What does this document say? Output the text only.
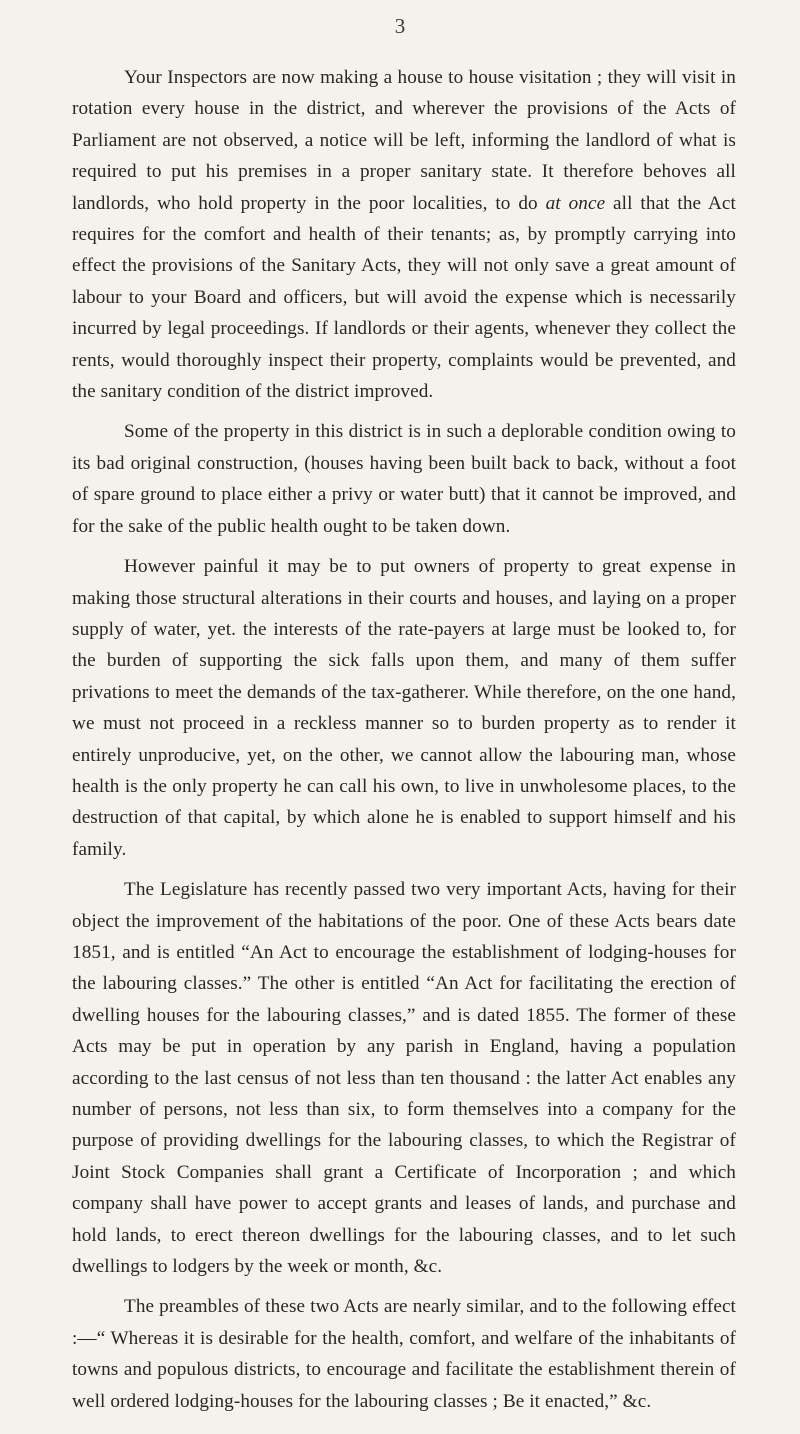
3

Your Inspectors are now making a house to house visitation ; they will visit in rotation every house in the district, and wherever the provisions of the Acts of Parliament are not observed, a notice will be left, informing the landlord of what is required to put his premises in a proper sanitary state. It therefore behoves all landlords, who hold property in the poor localities, to do at once all that the Act requires for the comfort and health of their tenants; as, by promptly carrying into effect the provisions of the Sanitary Acts, they will not only save a great amount of labour to your Board and officers, but will avoid the expense which is necessarily incurred by legal proceedings. If landlords or their agents, whenever they collect the rents, would thoroughly inspect their property, complaints would be prevented, and the sanitary condition of the district improved.

Some of the property in this district is in such a deplorable condition owing to its bad original construction, (houses having been built back to back, without a foot of spare ground to place either a privy or water butt) that it cannot be improved, and for the sake of the public health ought to be taken down.

However painful it may be to put owners of property to great expense in making those structural alterations in their courts and houses, and laying on a proper supply of water, yet. the interests of the rate-payers at large must be looked to, for the burden of supporting the sick falls upon them, and many of them suffer privations to meet the demands of the tax-gatherer. While therefore, on the one hand, we must not proceed in a reckless manner so to burden property as to render it entirely unproducive, yet, on the other, we cannot allow the labouring man, whose health is the only property he can call his own, to live in unwholesome places, to the destruction of that capital, by which alone he is enabled to support himself and his family.

The Legislature has recently passed two very important Acts, having for their object the improvement of the habitations of the poor. One of these Acts bears date 1851, and is entitled “An Act to encourage the establishment of lodging-houses for the labouring classes.” The other is entitled “An Act for facilitating the erection of dwelling houses for the labouring classes,” and is dated 1855. The former of these Acts may be put in operation by any parish in England, having a population according to the last census of not less than ten thousand : the latter Act enables any number of persons, not less than six, to form themselves into a company for the purpose of providing dwellings for the labouring classes, to which the Registrar of Joint Stock Companies shall grant a Certificate of Incorporation ; and which company shall have power to accept grants and leases of lands, and purchase and hold lands, to erect thereon dwellings for the labouring classes, and to let such dwellings to lodgers by the week or month, &c.

The preambles of these two Acts are nearly similar, and to the following effect :—“ Whereas it is desirable for the health, comfort, and welfare of the inhabitants of towns and populous districts, to encourage and facilitate the establishment therein of well ordered lodging-houses for the labouring classes ; Be it enacted,” &c.
